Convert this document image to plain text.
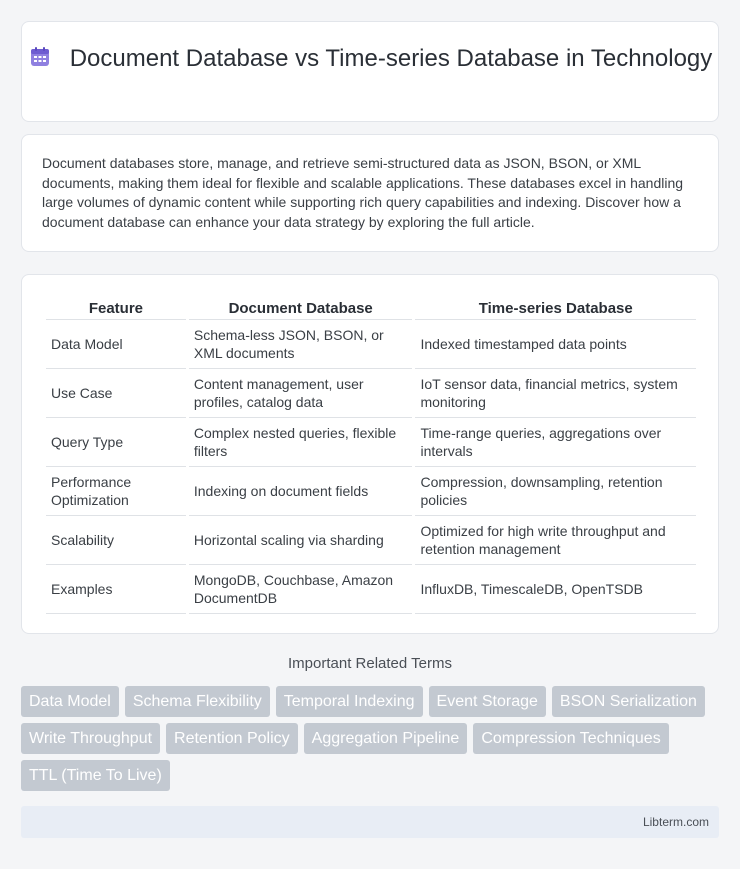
Document Database vs Time-series Database in Technology

Document databases store, manage, and retrieve semi-structured data as JSON, BSON, or XML documents, making them ideal for flexible and scalable applications. These databases excel in handling large volumes of dynamic content while supporting rich query capabilities and indexing. Discover how a document database can enhance your data strategy by exploring the full article.

Feature	Document Database	Time-series Database
Data Model	Schema-less JSON, BSON, or XML documents	Indexed timestamped data points
Use Case	Content management, user profiles, catalog data	IoT sensor data, financial metrics, system monitoring
Query Type	Complex nested queries, flexible filters	Time-range queries, aggregations over intervals
Performance Optimization	Indexing on document fields	Compression, downsampling, retention policies
Scalability	Horizontal scaling via sharding	Optimized for high write throughput and retention management
Examples	MongoDB, Couchbase, Amazon DocumentDB	InfluxDB, TimescaleDB, OpenTSDB
Important Related Terms
Data Model	Schema Flexibility	Temporal Indexing	Event Storage	BSON Serialization
Write Throughput	Retention Policy	Aggregation Pipeline	Compression Techniques
TTL (Time To Live)
Libterm.com
